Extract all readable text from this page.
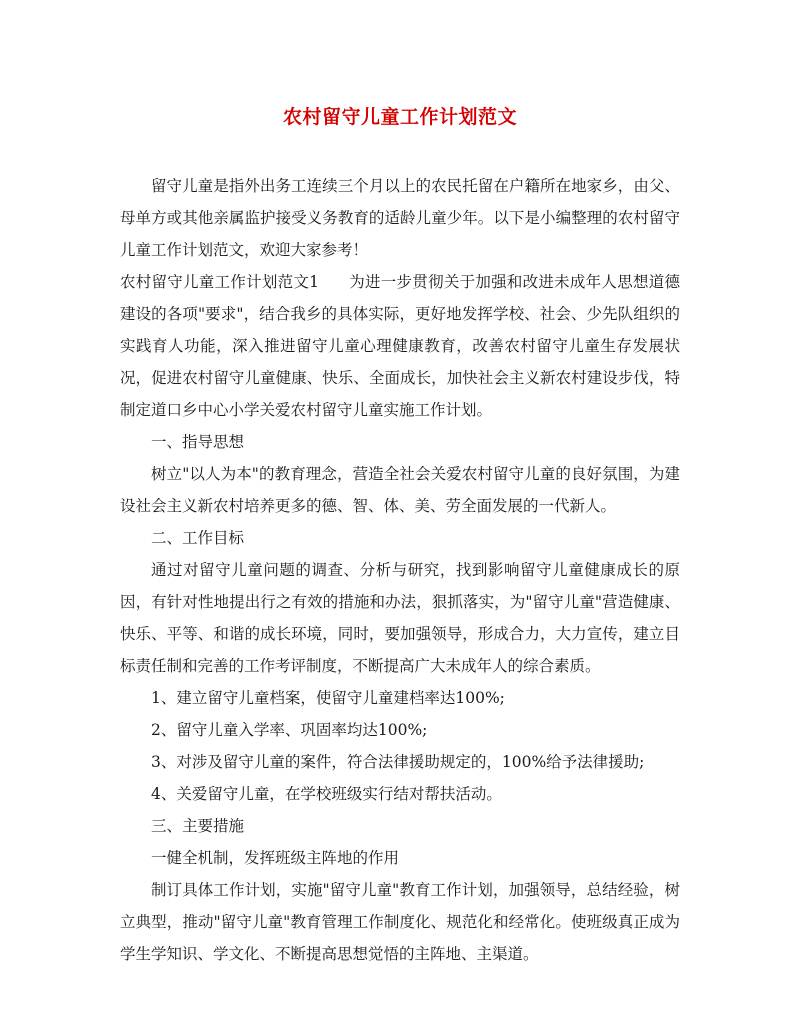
农村留守儿童工作计划范文

留守儿童是指外出务工连续三个月以上的农民托留在户籍所在地家乡，由父、母单方或其他亲属监护接受义务教育的适龄儿童少年。以下是小编整理的农村留守儿童工作计划范文，欢迎大家参考！

农村留守儿童工作计划范文1 为进一步贯彻关于加强和改进未成年人思想道德建设的各项"要求"，结合我乡的具体实际，更好地发挥学校、社会、少先队组织的实践育人功能，深入推进留守儿童心理健康教育，改善农村留守儿童生存发展状况，促进农村留守儿童健康、快乐、全面成长，加快社会主义新农村建设步伐，特制定道口乡中心小学关爱农村留守儿童实施工作计划。

一、指导思想

树立"以人为本"的教育理念，营造全社会关爱农村留守儿童的良好氛围，为建设社会主义新农村培养更多的德、智、体、美、劳全面发展的一代新人。

二、工作目标

通过对留守儿童问题的调查、分析与研究，找到影响留守儿童健康成长的原因，有针对性地提出行之有效的措施和办法，狠抓落实，为"留守儿童"营造健康、快乐、平等、和谐的成长环境，同时，要加强领导，形成合力，大力宣传，建立目标责任制和完善的工作考评制度，不断提高广大未成年人的综合素质。

1、建立留守儿童档案，使留守儿童建档率达100%;

2、留守儿童入学率、巩固率均达100%;

3、对涉及留守儿童的案件，符合法律援助规定的，100%给予法律援助;

4、关爱留守儿童，在学校班级实行结对帮扶活动。

三、主要措施

一健全机制，发挥班级主阵地的作用

制订具体工作计划，实施"留守儿童"教育工作计划，加强领导，总结经验，树立典型，推动"留守儿童"教育管理工作制度化、规范化和经常化。使班级真正成为学生学知识、学文化、不断提高思想觉悟的主阵地、主渠道。
